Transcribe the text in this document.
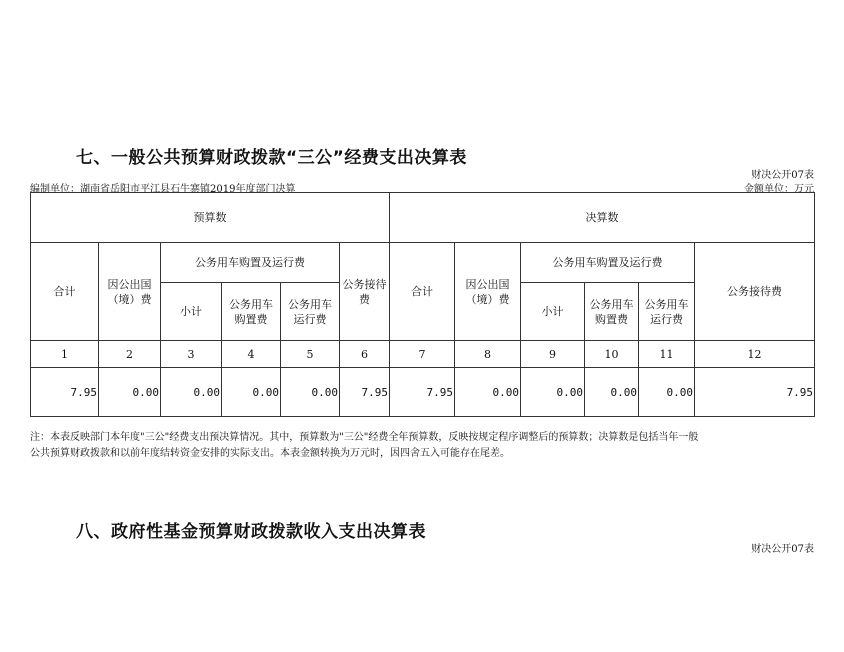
七、一般公共预算财政拨款“三公”经费支出决算表
财决公开07表
编制单位：湖南省岳阳市平江县石牛寨镇2019年度部门决算	金额单位：万元
预算数						决算数					
合计	因公出国（境）费	公务用车购置及运行费			公务接待费	合计	因公出国（境）费	公务用车购置及运行费			公务接待费
		小计	公务用车购置费	公务用车运行费				小计	公务用车购置费	公务用车运行费	
1	2	3	4	5	6	7	8	9	10	11	12
7.95	0.00	0.00	0.00	0.00	7.95	7.95	0.00	0.00	0.00	0.00	7.95
注：本表反映部门本年度"三公"经费支出预决算情况。其中，预算数为"三公"经费全年预算数，反映按规定程序调整后的预算数；决算数是包括当年一般
公共预算财政拨款和以前年度结转资金安排的实际支出。本表金额转换为万元时，因四舍五入可能存在尾差。
八、政府性基金预算财政拨款收入支出决算表
财决公开07表
